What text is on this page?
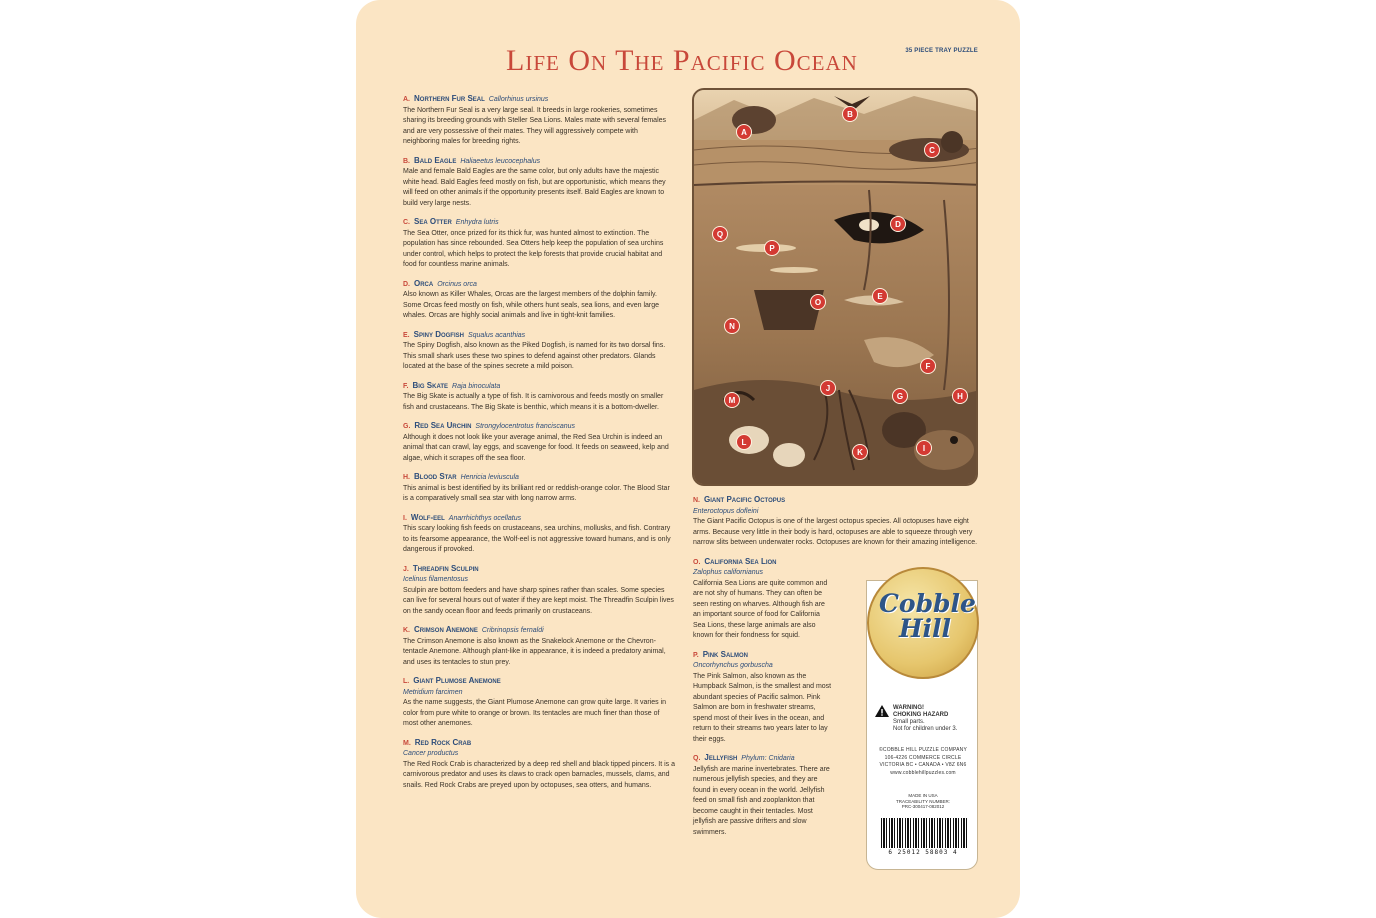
Life On The Pacific Ocean	35 PIECE TRAY PUZZLE
A. Northern Fur Seal Callorhinus ursinus
The Northern Fur Seal is a very large seal. It breeds in large rookeries, sometimes sharing its breeding grounds with Steller Sea Lions. Males mate with several females and are very possessive of their mates. They will aggressively compete with neighboring males for breeding rights.
B. Bald Eagle Haliaeetus leucocephalus
Male and female Bald Eagles are the same color, but only adults have the majestic white head. Bald Eagles feed mostly on fish, but are opportunistic, which means they will feed on other animals if the opportunity presents itself. Bald Eagles are known to build very large nests.
C. Sea Otter Enhydra lutris
The Sea Otter, once prized for its thick fur, was hunted almost to extinction. The population has since rebounded. Sea Otters help keep the population of sea urchins under control, which helps to protect the kelp forests that provide crucial habitat and food for countless marine animals.
D. Orca Orcinus orca
Also known as Killer Whales, Orcas are the largest members of the dolphin family. Some Orcas feed mostly on fish, while others hunt seals, sea lions, and even large whales. Orcas are highly social animals and live in tight-knit families.
E. Spiny Dogfish Squalus acanthias
The Spiny Dogfish, also known as the Piked Dogfish, is named for its two dorsal fins. This small shark uses these two spines to defend against other predators. Glands located at the base of the spines secrete a mild poison.
F. Big Skate Raja binoculata
The Big Skate is actually a type of fish. It is carnivorous and feeds mostly on smaller fish and crustaceans. The Big Skate is benthic, which means it is a bottom-dweller.
G. Red Sea Urchin Strongylocentrotus franciscanus
Although it does not look like your average animal, the Red Sea Urchin is indeed an animal that can crawl, lay eggs, and scavenge for food. It feeds on seaweed, kelp and algae, which it scrapes off the sea floor.
H. Blood Star Henricia leviuscula
This animal is best identified by its brilliant red or reddish-orange color. The Blood Star is a comparatively small sea star with long narrow arms.
I. Wolf-eel Anarrhichthys ocellatus
This scary looking fish feeds on crustaceans, sea urchins, mollusks, and fish. Contrary to its fearsome appearance, the Wolf-eel is not aggressive toward humans, and is only dangerous if provoked.
J. Threadfin Sculpin
Icelinus filamentosus
Sculpin are bottom feeders and have sharp spines rather than scales. Some species can live for several hours out of water if they are kept moist. The Threadfin Sculpin lives on the sandy ocean floor and feeds primarily on crustaceans.
K. Crimson Anemone Cribrinopsis fernaldi
The Crimson Anemone is also known as the Snakelock Anemone or the Chevron-tentacle Anemone. Although plant-like in appearance, it is indeed a predatory animal, and uses its tentacles to stun prey.
L. Giant Plumose Anemone
Metridium farcimen
As the name suggests, the Giant Plumose Anemone can grow quite large. It varies in color from pure white to orange or brown. Its tentacles are much finer than those of most other anemones.
M. Red Rock Crab
Cancer productus
The Red Rock Crab is characterized by a deep red shell and black tipped pincers. It is a carnivorous predator and uses its claws to crack open barnacles, mussels, clams, and snails. Red Rock Crabs are preyed upon by octopuses, sea otters, and humans.
A
B
C
D
E
F
G	H
I
J
K
L
M
N
O
P
Q
N. Giant Pacific Octopus
Enteroctopus dofleini
The Giant Pacific Octopus is one of the largest octopus species. All octopuses have eight arms. Because very little in their body is hard, octopuses are able to squeeze through very narrow slits between underwater rocks. Octopuses are known for their amazing intelligence.
O. California Sea Lion
Zalophus californianus
California Sea Lions are quite common and are not shy of humans. They can often be seen resting on wharves. Although fish are an important source of food for California Sea Lions, these large animals are also known for their fondness for squid.
P. Pink Salmon
Oncorhynchus gorbuscha
The Pink Salmon, also known as the Humpback Salmon, is the smallest and most abundant species of Pacific salmon. Pink Salmon are born in freshwater streams, spend most of their lives in the ocean, and return to their streams two years later to lay their eggs.
Q. Jellyfish Phylum: Cnidaria
Jellyfish are marine invertebrates. There are numerous jellyfish species, and they are found in every ocean in the world. Jellyfish feed on small fish and zooplankton that become caught in their tentacles. Most jellyfish are passive drifters and slow swimmers.
Cobble
Hill
WARNING!
CHOKING HAZARD
Small parts.
Not for children under 3.
©COBBLE HILL PUZZLE COMPANY
106-4226 COMMERCE CIRCLE
VICTORIA BC • CANADA • V8Z 6N6
www.cobblehillpuzzles.com
MADE IN USA
TRACEABILITY NUMBER:
PRC-300417-082012
6 25012 58803 4
